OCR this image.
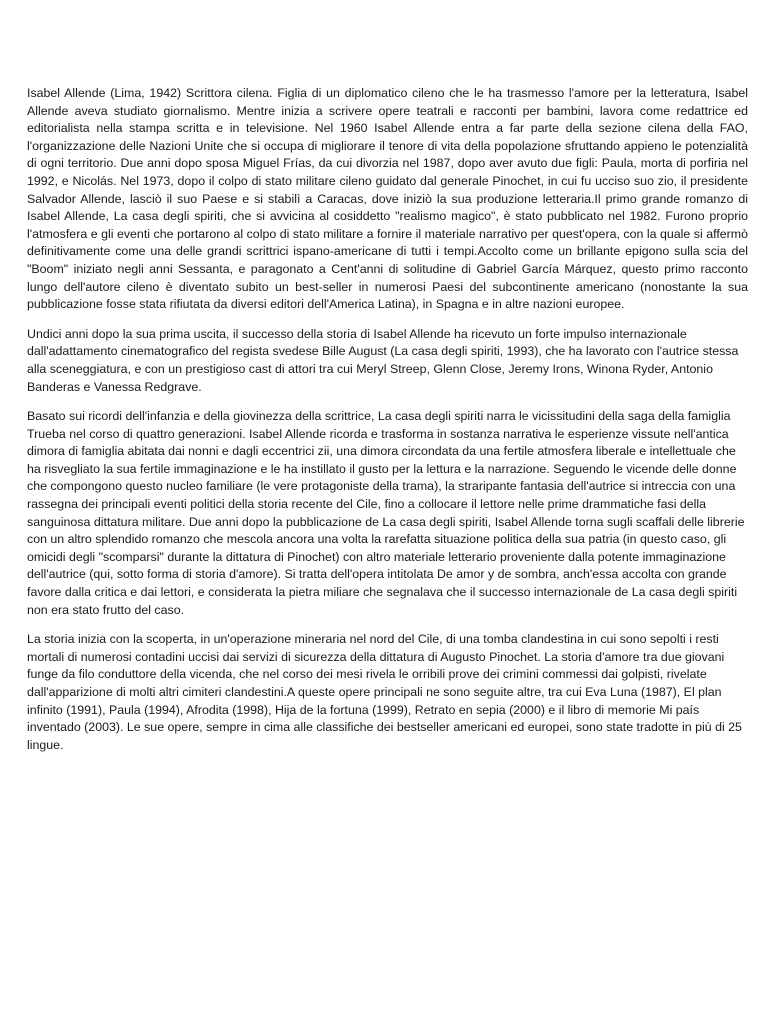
Isabel Allende (Lima, 1942) Scrittora cilena. Figlia di un diplomatico cileno che le ha trasmesso l'amore per la letteratura, Isabel Allende aveva studiato giornalismo. Mentre inizia a scrivere opere teatrali e racconti per bambini, lavora come redattrice ed editorialista nella stampa scritta e in televisione. Nel 1960 Isabel Allende entra a far parte della sezione cilena della FAO, l'organizzazione delle Nazioni Unite che si occupa di migliorare il tenore di vita della popolazione sfruttando appieno le potenzialità di ogni territorio. Due anni dopo sposa Miguel Frías, da cui divorzia nel 1987, dopo aver avuto due figli: Paula, morta di porfiria nel 1992, e Nicolás. Nel 1973, dopo il colpo di stato militare cileno guidato dal generale Pinochet, in cui fu ucciso suo zio, il presidente Salvador Allende, lasciò il suo Paese e si stabilì a Caracas, dove iniziò la sua produzione letteraria.Il primo grande romanzo di Isabel Allende, La casa degli spiriti, che si avvicina al cosiddetto "realismo magico", è stato pubblicato nel 1982. Furono proprio l'atmosfera e gli eventi che portarono al colpo di stato militare a fornire il materiale narrativo per quest'opera, con la quale si affermò definitivamente come una delle grandi scrittrici ispano-americane di tutti i tempi.Accolto come un brillante epigono sulla scia del "Boom" iniziato negli anni Sessanta, e paragonato a Cent'anni di solitudine di Gabriel García Márquez, questo primo racconto lungo dell'autore cileno è diventato subito un best-seller in numerosi Paesi del subcontinente americano (nonostante la sua pubblicazione fosse stata rifiutata da diversi editori dell'America Latina), in Spagna e in altre nazioni europee.

Undici anni dopo la sua prima uscita, il successo della storia di Isabel Allende ha ricevuto un forte impulso internazionale dall'adattamento cinematografico del regista svedese Bille August (La casa degli spiriti, 1993), che ha lavorato con l'autrice stessa alla sceneggiatura, e con un prestigioso cast di attori tra cui Meryl Streep, Glenn Close, Jeremy Irons, Winona Ryder, Antonio Banderas e Vanessa Redgrave.

Basato sui ricordi dell'infanzia e della giovinezza della scrittrice, La casa degli spiriti narra le vicissitudini della saga della famiglia Trueba nel corso di quattro generazioni. Isabel Allende ricorda e trasforma in sostanza narrativa le esperienze vissute nell'antica dimora di famiglia abitata dai nonni e dagli eccentrici zii, una dimora circondata da una fertile atmosfera liberale e intellettuale che ha risvegliato la sua fertile immaginazione e le ha instillato il gusto per la lettura e la narrazione. Seguendo le vicende delle donne che compongono questo nucleo familiare (le vere protagoniste della trama), la straripante fantasia dell'autrice si intreccia con una rassegna dei principali eventi politici della storia recente del Cile, fino a collocare il lettore nelle prime drammatiche fasi della sanguinosa dittatura militare. Due anni dopo la pubblicazione de La casa degli spiriti, Isabel Allende torna sugli scaffali delle librerie con un altro splendido romanzo che mescola ancora una volta la rarefatta situazione politica della sua patria (in questo caso, gli omicidi degli "scomparsi" durante la dittatura di Pinochet) con altro materiale letterario proveniente dalla potente immaginazione dell'autrice (qui, sotto forma di storia d'amore). Si tratta dell'opera intitolata De amor y de sombra, anch'essa accolta con grande favore dalla critica e dai lettori, e considerata la pietra miliare che segnalava che il successo internazionale de La casa degli spiriti non era stato frutto del caso.

La storia inizia con la scoperta, in un'operazione mineraria nel nord del Cile, di una tomba clandestina in cui sono sepolti i resti mortali di numerosi contadini uccisi dai servizi di sicurezza della dittatura di Augusto Pinochet. La storia d'amore tra due giovani funge da filo conduttore della vicenda, che nel corso dei mesi rivela le orribili prove dei crimini commessi dai golpisti, rivelate dall'apparizione di molti altri cimiteri clandestini.A queste opere principali ne sono seguite altre, tra cui Eva Luna (1987), El plan infinito (1991), Paula (1994), Afrodita (1998), Hija de la fortuna (1999), Retrato en sepia (2000) e il libro di memorie Mi país inventado (2003). Le sue opere, sempre in cima alle classifiche dei bestseller americani ed europei, sono state tradotte in più di 25 lingue.
